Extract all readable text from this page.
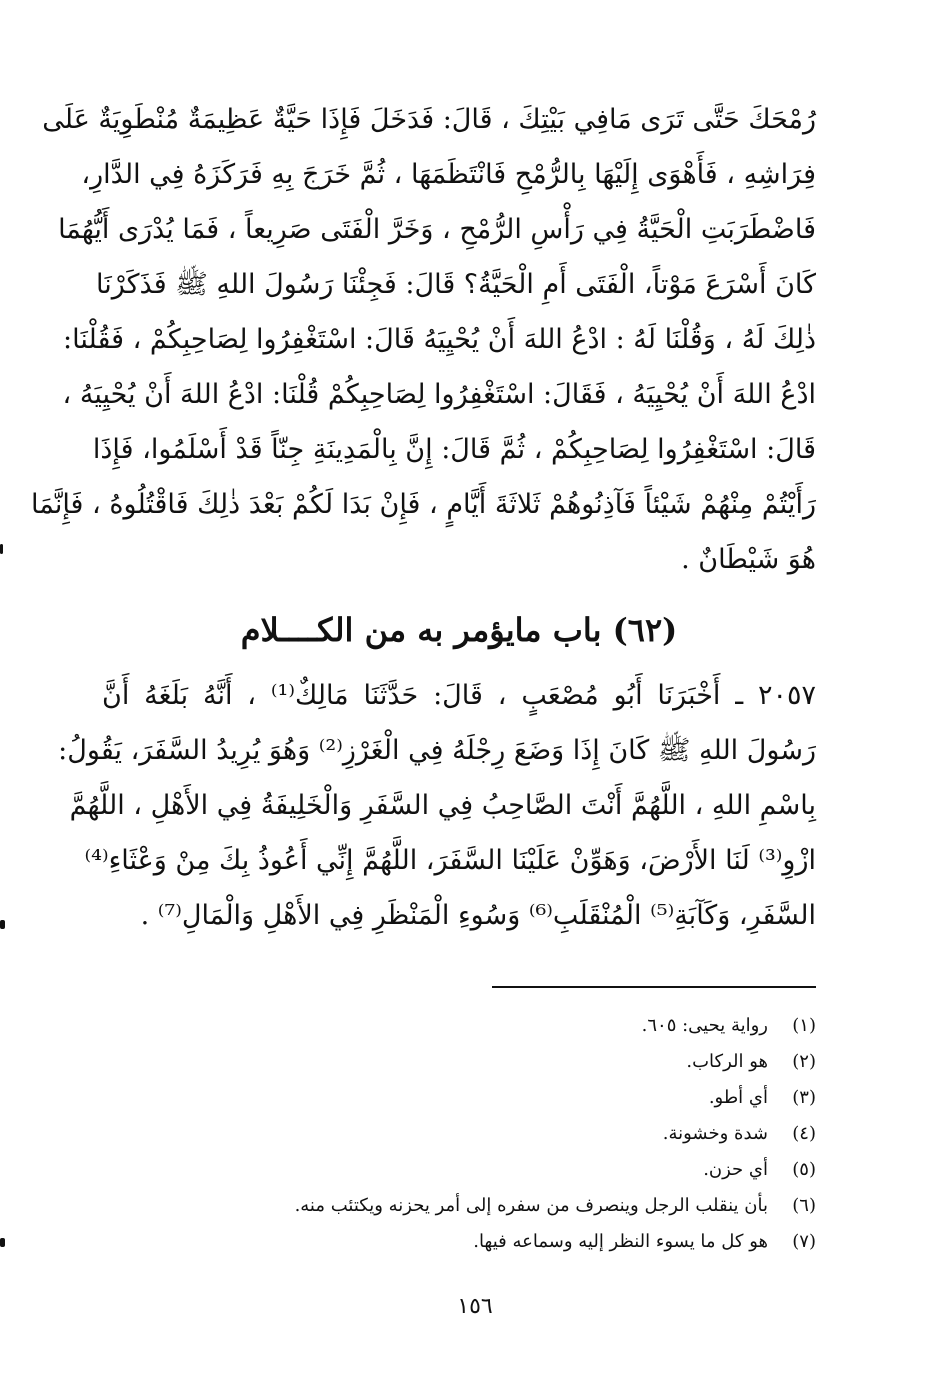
رُمْحَكَ حَتَّى تَرَى مَافِي بَيْتِكَ ، قَالَ: فَدَخَلَ فَإِذَا حَيَّةٌ عَظِيمَةٌ مُنْطَوِيَةٌ عَلَى
فِرَاشِهِ ، فَأَهْوَى إِلَيْهَا بِالرُّمْحِ فَانْتَظَمَهَا ، ثُمَّ خَرَجَ بِهِ فَرَكَزَهُ فِي الدَّارِ،
فَاضْطَرَبَتِ الْحَيَّةُ فِي رَأْسِ الرُّمْحِ ، وَخَرَّ الْفَتَى صَرِيعاً ، فَمَا يُدْرَى أَيُّهُمَا
كَانَ أَسْرَعَ مَوْتاً، الْفَتَى أَمِ الْحَيَّةُ؟ قَالَ: فَجِئْنَا رَسُولَ اللهِ ﷺ فَذَكَرْنَا
ذٰلِكَ لَهُ ، وَقُلْنَا لَهُ : ادْعُ اللهَ أَنْ يُحْيِيَهُ قَالَ: اسْتَغْفِرُوا لِصَاحِبِكُمْ ، فَقُلْنَا:
ادْعُ اللهَ أَنْ يُحْيِيَهُ ، فَقَالَ: اسْتَغْفِرُوا لِصَاحِبِكُمْ قُلْنَا: ادْعُ اللهَ أَنْ يُحْيِيَهُ ،
قَالَ: اسْتَغْفِرُوا لِصَاحِبِكُمْ ، ثُمَّ قَالَ: إِنَّ بِالْمَدِينَةِ جِنّاً قَدْ أَسْلَمُوا، فَإِذَا
رَأَيْتُمْ مِنْهُمْ شَيْئاً فَآذِنُوهُمْ ثَلاثَةَ أَيَّامٍ ، فَإِنْ بَدَا لَكُمْ بَعْدَ ذٰلِكَ فَاقْتُلُوهُ ، فَإِنَّمَا
هُوَ شَيْطَانٌ .
(٦٢) باب مايؤمر به من الكــــلام
٢٠٥٧ ـ أَخْبَرَنَا أَبُو مُصْعَبٍ ، قَالَ: حَدَّثَنَا مَالِكٌ⁽¹⁾ ، أَنَّهُ بَلَغَهُ أَنَّ
رَسُولَ اللهِ ﷺ كَانَ إِذَا وَضَعَ رِجْلَهُ فِي الْغَرْزِ⁽²⁾ وَهُوَ يُرِيدُ السَّفَرَ، يَقُولُ:
بِاسْمِ اللهِ ، اللَّهُمَّ أَنْتَ الصَّاحِبُ فِي السَّفَرِ وَالْخَلِيفَةُ فِي الأَهْلِ ، اللَّهُمَّ
ازْوِ⁽³⁾ لَنَا الأَرْضَ، وَهَوِّنْ عَلَيْنَا السَّفَرَ، اللَّهُمَّ إِنِّي أَعُوذُ بِكَ مِنْ وَعْثَاءِ⁽⁴⁾
السَّفَرِ، وَكَآبَةِ⁽⁵⁾ الْمُنْقَلَبِ⁽⁶⁾ وَسُوءِ الْمَنْظَرِ فِي الأَهْلِ وَالْمَالِ⁽⁷⁾ .
(١)
رواية يحيى: ٦٠٥.
(٢)
هو الركاب.
(٣)
أي أطو.
(٤)
شدة وخشونة.
(٥)
أي حزن.
(٦)
بأن ينقلب الرجل وينصرف من سفره إلى أمر يحزنه ويكتئب منه.
(٧)
هو كل ما يسوء النظر إليه وسماعه فيها.
١٥٦
